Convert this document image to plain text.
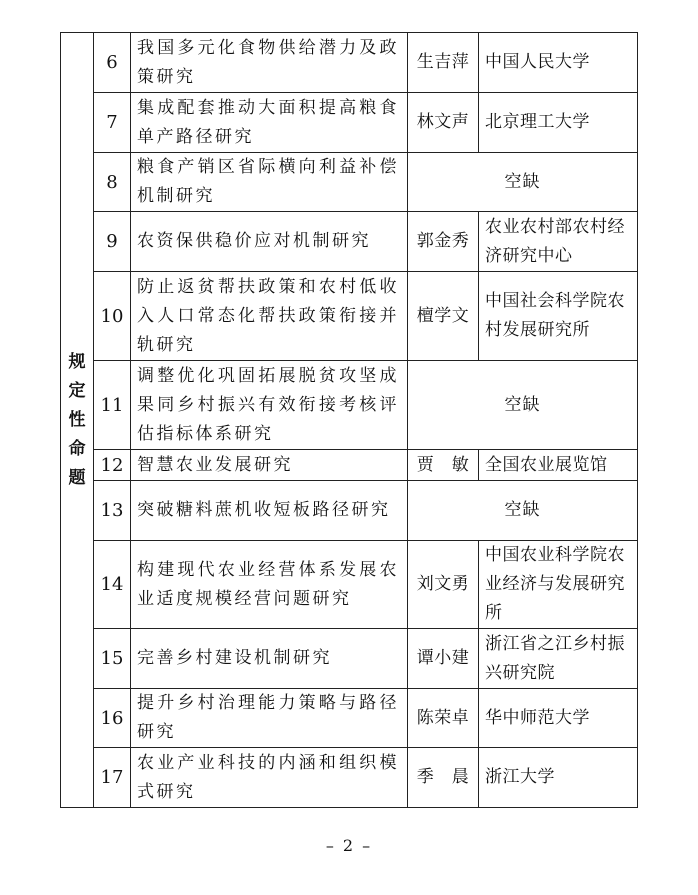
规定性命题	6	我国多元化食物供给潜力及政策研究	生吉萍	中国人民大学
	7	集成配套推动大面积提高粮食单产路径研究	林文声	北京理工大学
	8	粮食产销区省际横向利益补偿机制研究	空缺	
	9	农资保供稳价应对机制研究	郭金秀	农业农村部农村经济研究中心
	10	防止返贫帮扶政策和农村低收入人口常态化帮扶政策衔接并轨研究	檀学文	中国社会科学院农村发展研究所
	11	调整优化巩固拓展脱贫攻坚成果同乡村振兴有效衔接考核评估指标体系研究	空缺	
	12	智慧农业发展研究	贾　敏	全国农业展览馆
	13	突破糖料蔗机收短板路径研究	空缺	
	14	构建现代农业经营体系发展农业适度规模经营问题研究	刘文勇	中国农业科学院农业经济与发展研究所
	15	完善乡村建设机制研究	谭小建	浙江省之江乡村振兴研究院
	16	提升乡村治理能力策略与路径研究	陈荣卓	华中师范大学
	17	农业产业科技的内涵和组织模式研究	季　晨	浙江大学
– 2 –
